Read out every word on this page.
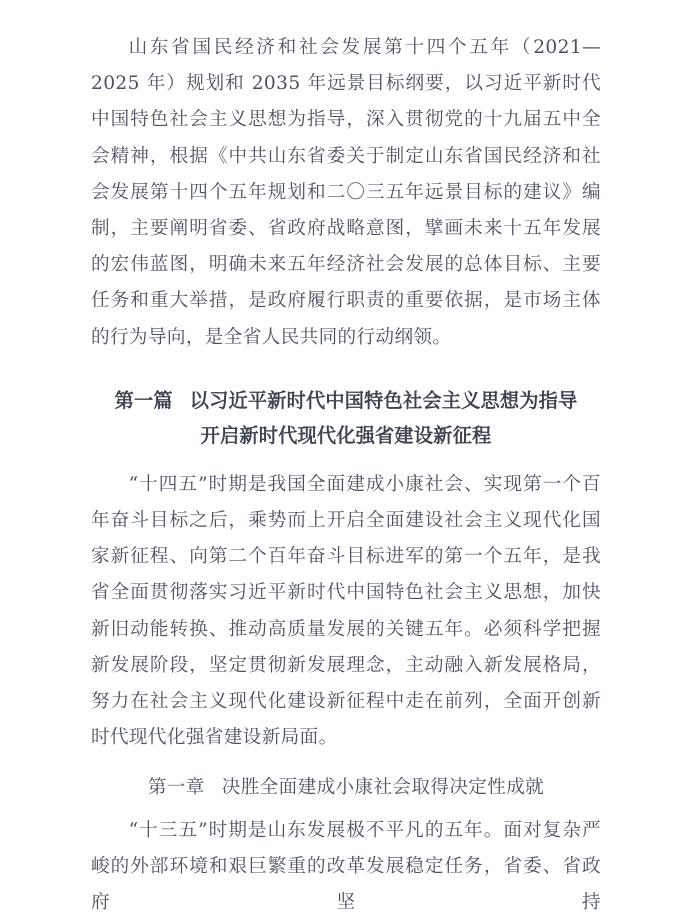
山东省国民经济和社会发展第十四个五年（2021—2025 年）规划和 2035 年远景目标纲要，以习近平新时代中国特色社会主义思想为指导，深入贯彻党的十九届五中全会精神，根据《中共山东省委关于制定山东省国民经济和社会发展第十四个五年规划和二〇三五年远景目标的建议》编制，主要阐明省委、省政府战略意图，擘画未来十五年发展的宏伟蓝图，明确未来五年经济社会发展的总体目标、主要任务和重大举措，是政府履行职责的重要依据，是市场主体的行为导向，是全省人民共同的行动纲领。

第一篇 以习近平新时代中国特色社会主义思想为指导
开启新时代现代化强省建设新征程

“十四五”时期是我国全面建成小康社会、实现第一个百年奋斗目标之后，乘势而上开启全面建设社会主义现代化国家新征程、向第二个百年奋斗目标进军的第一个五年，是我省全面贯彻落实习近平新时代中国特色社会主义思想，加快新旧动能转换、推动高质量发展的关键五年。必须科学把握新发展阶段，坚定贯彻新发展理念，主动融入新发展格局，努力在社会主义现代化建设新征程中走在前列，全面开创新时代现代化强省建设新局面。

第一章 决胜全面建成小康社会取得决定性成就

“十三五”时期是山东发展极不平凡的五年。面对复杂严峻的外部环境和艰巨繁重的改革发展稳定任务，省委、省政府坚持
